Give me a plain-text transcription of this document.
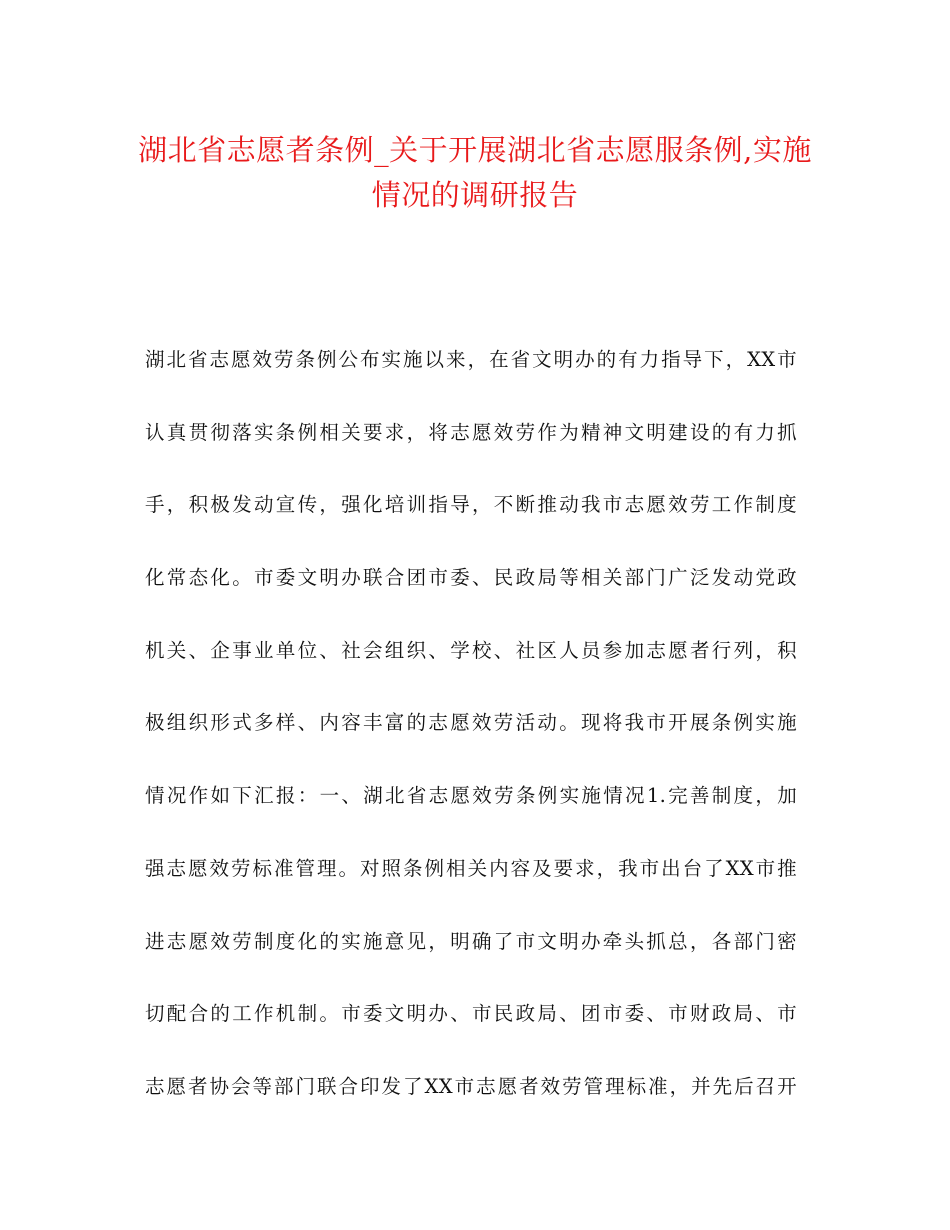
湖北省志愿者条例_关于开展湖北省志愿服条例,实施
情况的调研报告
湖北省志愿效劳条例公布实施以来，在省文明办的有力指导下，XX市
认真贯彻落实条例相关要求，将志愿效劳作为精神文明建设的有力抓
手，积极发动宣传，强化培训指导，不断推动我市志愿效劳工作制度
化常态化。市委文明办联合团市委、民政局等相关部门广泛发动党政
机关、企事业单位、社会组织、学校、社区人员参加志愿者行列，积
极组织形式多样、内容丰富的志愿效劳活动。现将我市开展条例实施
情况作如下汇报：一、湖北省志愿效劳条例实施情况1.完善制度，加
强志愿效劳标准管理。对照条例相关内容及要求，我市出台了XX市推
进志愿效劳制度化的实施意见，明确了市文明办牵头抓总，各部门密
切配合的工作机制。市委文明办、市民政局、团市委、市财政局、市
志愿者协会等部门联合印发了XX市志愿者效劳管理标准，并先后召开
